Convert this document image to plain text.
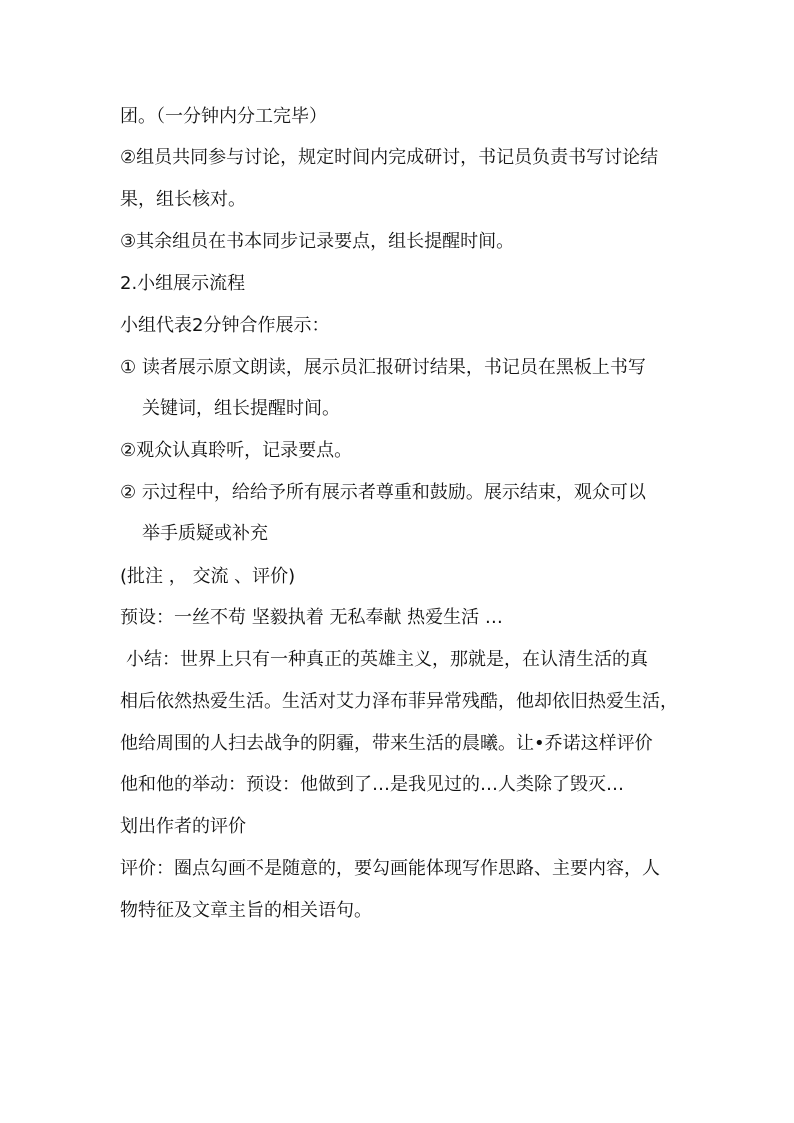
团。（一分钟内分工完毕）
②组员共同参与讨论，规定时间内完成研讨，书记员负责书写讨论结
果，组长核对。
③其余组员在书本同步记录要点，组长提醒时间。
2.小组展示流程
小组代表2分钟合作展示：
① 读者展示原文朗读，展示员汇报研讨结果，书记员在黑板上书写
关键词，组长提醒时间。
②观众认真聆听，记录要点。
② 示过程中，给给予所有展示者尊重和鼓励。展示结束，观众可以
举手质疑或补充
(批注 ， 交流 、评价)
预设：一丝不苟 坚毅执着 无私奉献 热爱生活 …
小结：世界上只有一种真正的英雄主义，那就是，在认清生活的真
相后依然热爱生活。生活对艾力泽布菲异常残酷，他却依旧热爱生活，
他给周围的人扫去战争的阴霾，带来生活的晨曦。让•乔诺这样评价
他和他的举动：预设：他做到了…是我见过的…人类除了毁灭…
划出作者的评价
评价：圈点勾画不是随意的，要勾画能体现写作思路、主要内容，人
物特征及文章主旨的相关语句。
